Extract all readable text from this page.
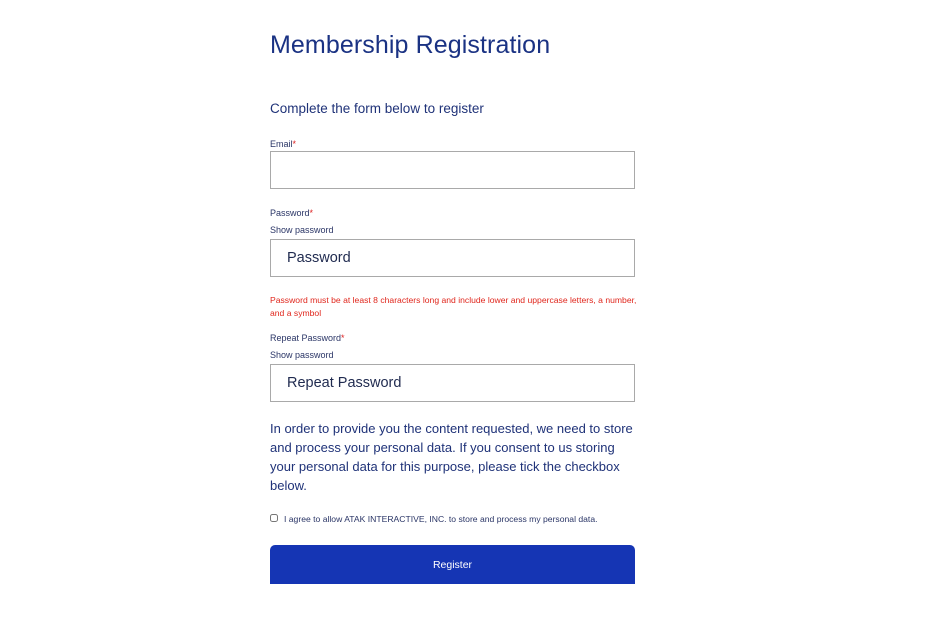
Membership Registration
Complete the form below to register
Email*
Password*
Show password
Password must be at least 8 characters long and include lower and uppercase letters, a number, and a symbol
Repeat Password*
Show password

In order to provide you the content requested, we need to store and process your personal data. If you consent to us storing your personal data for this purpose, please tick the checkbox below.

I agree to allow ATAK INTERACTIVE, INC. to store and process my personal data.
Register
